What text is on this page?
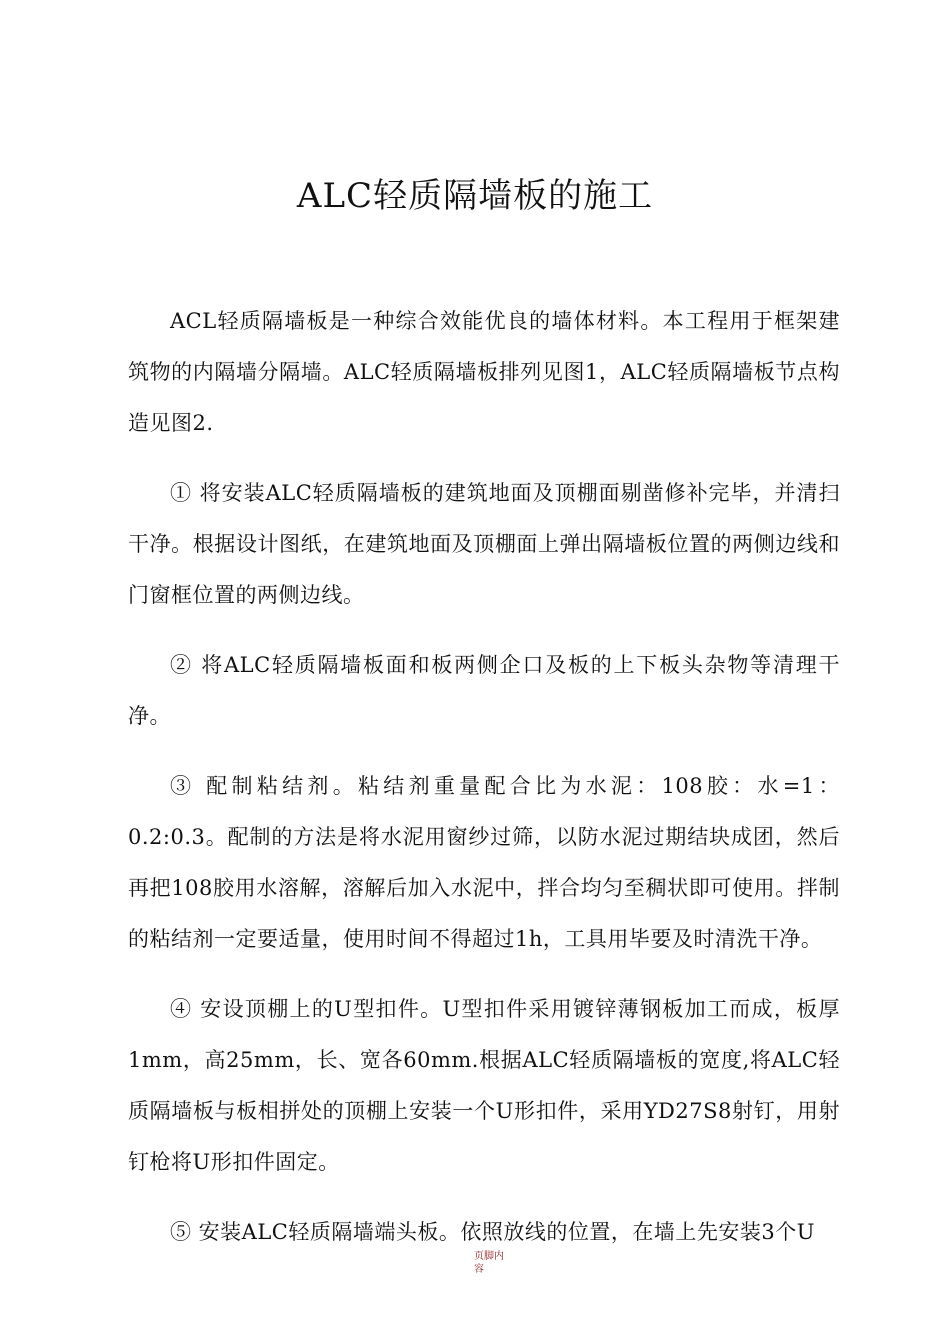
ALC轻质隔墙板的施工

ACL轻质隔墙板是一种综合效能优良的墙体材料。本工程用于框架建筑物的内隔墙分隔墙。ALC轻质隔墙板排列见图1，ALC轻质隔墙板节点构造见图2.

① 将安装ALC轻质隔墙板的建筑地面及顶棚面剔凿修补完毕，并清扫干净。根据设计图纸，在建筑地面及顶棚面上弹出隔墙板位置的两侧边线和门窗框位置的两侧边线。

② 将ALC轻质隔墙板面和板两侧企口及板的上下板头杂物等清理干净。

③ 配制粘结剂。粘结剂重量配合比为水泥：108胶：水=1：0.2:0.3。配制的方法是将水泥用窗纱过筛，以防水泥过期结块成团，然后再把108胶用水溶解，溶解后加入水泥中，拌合均匀至稠状即可使用。拌制的粘结剂一定要适量，使用时间不得超过1h，工具用毕要及时清洗干净。

④ 安设顶棚上的U型扣件。U型扣件采用镀锌薄钢板加工而成，板厚1mm，高25mm，长、宽各60mm.根据ALC轻质隔墙板的宽度,将ALC轻质隔墙板与板相拼处的顶棚上安装一个U形扣件，采用YD27S8射钉，用射钉枪将U形扣件固定。

⑤ 安装ALC轻质隔墙端头板。依照放线的位置，在墙上先安装3个U

页脚内容
